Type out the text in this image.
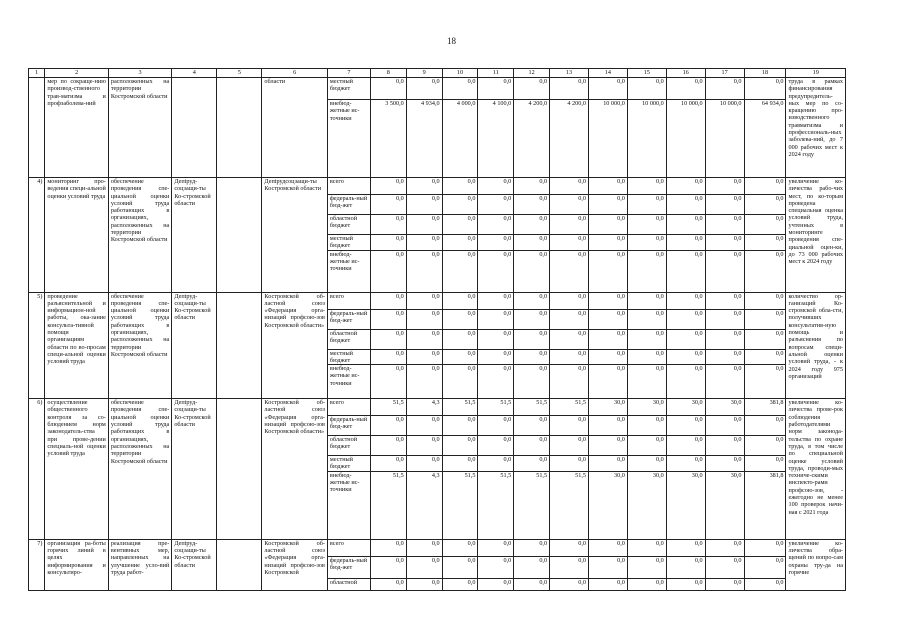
18
1	2	3	4	5	6	7	8	9	10	11	12	13	14	15	16	17	18	19
	мер по сокраще-нию производ-ственного трав-матизма и профзаболева-ний	расположенных на территории Костромской области			области	местный бюджет	0,0	0,0	0,0	0,0	0,0	0,0	0,0	0,0	0,0	0,0	0,0	труда в рамках финансирования предупредитель-ных мер по со-кращению про-изводственного травматизма и профессиональ-ных заболева-ний, до 7 000 рабочих мест к 2024 году
						внебюд-жетные ис-точники	3 500,0	4 934,0	4 000,0	4 100,0	4 200,0	4 200,0	10 000,0	10 000,0	10 000,0	10 000,0	64 934,0	
4)	мониторинг про-ведения специ-альной оценки условий труда	обеспечение проведения спе-циальной оценки условий труда работающих в организациях, расположенных на территории Костромской области	Депtруд-соцзащи-ты Ко-стромской области		Депtрудсоцзащи-ты Костромской области	всего	0,0	0,0	0,0	0,0	0,0	0,0	0,0	0,0	0,0	0,0	0,0	увеличение ко-личества рабо-чих мест, по ко-торым проведена специальная оценка условий труда, учтенных в мониторинге проведения спе-циальной оцен-ки, до 73 000 рабочих мест к 2024 году
						федераль-ный бюд-жет	0,0	0,0	0,0	0,0	0,0	0,0	0,0	0,0	0,0	0,0	0,0	
						областной бюджет	0,0	0,0	0,0	0,0	0,0	0,0	0,0	0,0	0,0	0,0	0,0	
						местный бюджет	0,0	0,0	0,0	0,0	0,0	0,0	0,0	0,0	0,0	0,0	0,0	
						внебюд-жетные ис-точники	0,0	0,0	0,0	0,0	0,0	0,0	0,0	0,0	0,0	0,0	0,0	
5)	проведение разъяснительной и информацион-ной работы, ока-зание консульта-тивной помощи организациям области по во-просам специ-альной оценки условий труда	обеспечение проведения спе-циальной оценки условий труда работающих в организациях, расположенных на территории Костромской области	Депtруд-соцзащи-ты Ко-стромской области		Костромской об-ластной союз «Федерация орга-низаций профсою-зов Костромской области»	всего	0,0	0,0	0,0	0,0	0,0	0,0	0,0	0,0	0,0	0,0	0,0	количество ор-ганизаций Ко-стромской обла-сти, получивших консультатив-ную помощь и разъяснения по вопросам специ-альной оценки условий труда, - к 2024 году 975 организаций
						федераль-ный бюд-жет	0,0	0,0	0,0	0,0	0,0	0,0	0,0	0,0	0,0	0,0	0,0	
						областной бюджет	0,0	0,0	0,0	0,0	0,0	0,0	0,0	0,0	0,0	0,0	0,0	
						местный бюджет	0,0	0,0	0,0	0,0	0,0	0,0	0,0	0,0	0,0	0,0	0,0	
						внебюд-жетные ис-точники	0,0	0,0	0,0	0,0	0,0	0,0	0,0	0,0	0,0	0,0	0,0	
6)	осуществление общественного контроля за со-блюдением норм законодатель-ства при прове-дении специаль-ной оценки условий труда	обеспечение проведения спе-циальной оценки условий труда работающих в организациях, расположенных на территории Костромской области	Депtруд-соцзащи-ты Ко-стромской области		Костромской об-ластной союз «Федерация орга-низаций профсою-зов Костромской области»	всего	51,5	4,3	51,5	51,5	51,5	51,5	30,0	30,0	30,0	30,0	381,8	увеличение ко-личества прове-рок соблюдения работодателями норм законода-тельства по охране труда, в том числе по специальной оценке условий труда, проводи-мых техниче-скими инспекто-рами профсою-зов, - ежегодно не менее 100 проверок начи-ная с 2021 года
						федераль-ный бюд-жет	0,0	0,0	0,0	0,0	0,0	0,0	0,0	0,0	0,0	0,0	0,0	
						областной бюджет	0,0	0,0	0,0	0,0	0,0	0,0	0,0	0,0	0,0	0,0	0,0	
						местный бюджет	0,0	0,0	0,0	0,0	0,0	0,0	0,0	0,0	0,0	0,0	0,0	
						внебюд-жетные ис-точники	51,5	4,3	51,5	51,5	51,5	51,5	30,0	30,0	30,0	30,0	381,8	
7)	организация ра-боты горячих линий в целях информирования и консультиро-	реализация пре-вентивных мер, направленных на улучшение усло-вий труда работ-	Депtруд-соцзащи-ты Ко-стромской области		Костромской об-ластной союз «Федерация орга-низаций профсою-зов Костромской	всего	0,0	0,0	0,0	0,0	0,0	0,0	0,0	0,0	0,0	0,0	0,0	увеличение ко-личества обра-щений по вопро-сам охраны тру-да на горячие
						федераль-ный бюд-жет	0,0	0,0	0,0	0,0	0,0	0,0	0,0	0,0	0,0	0,0	0,0	
						областной	0,0	0,0	0,0	0,0	0,0	0,0	0,0	0,0	0,0	0,0	0,0	
